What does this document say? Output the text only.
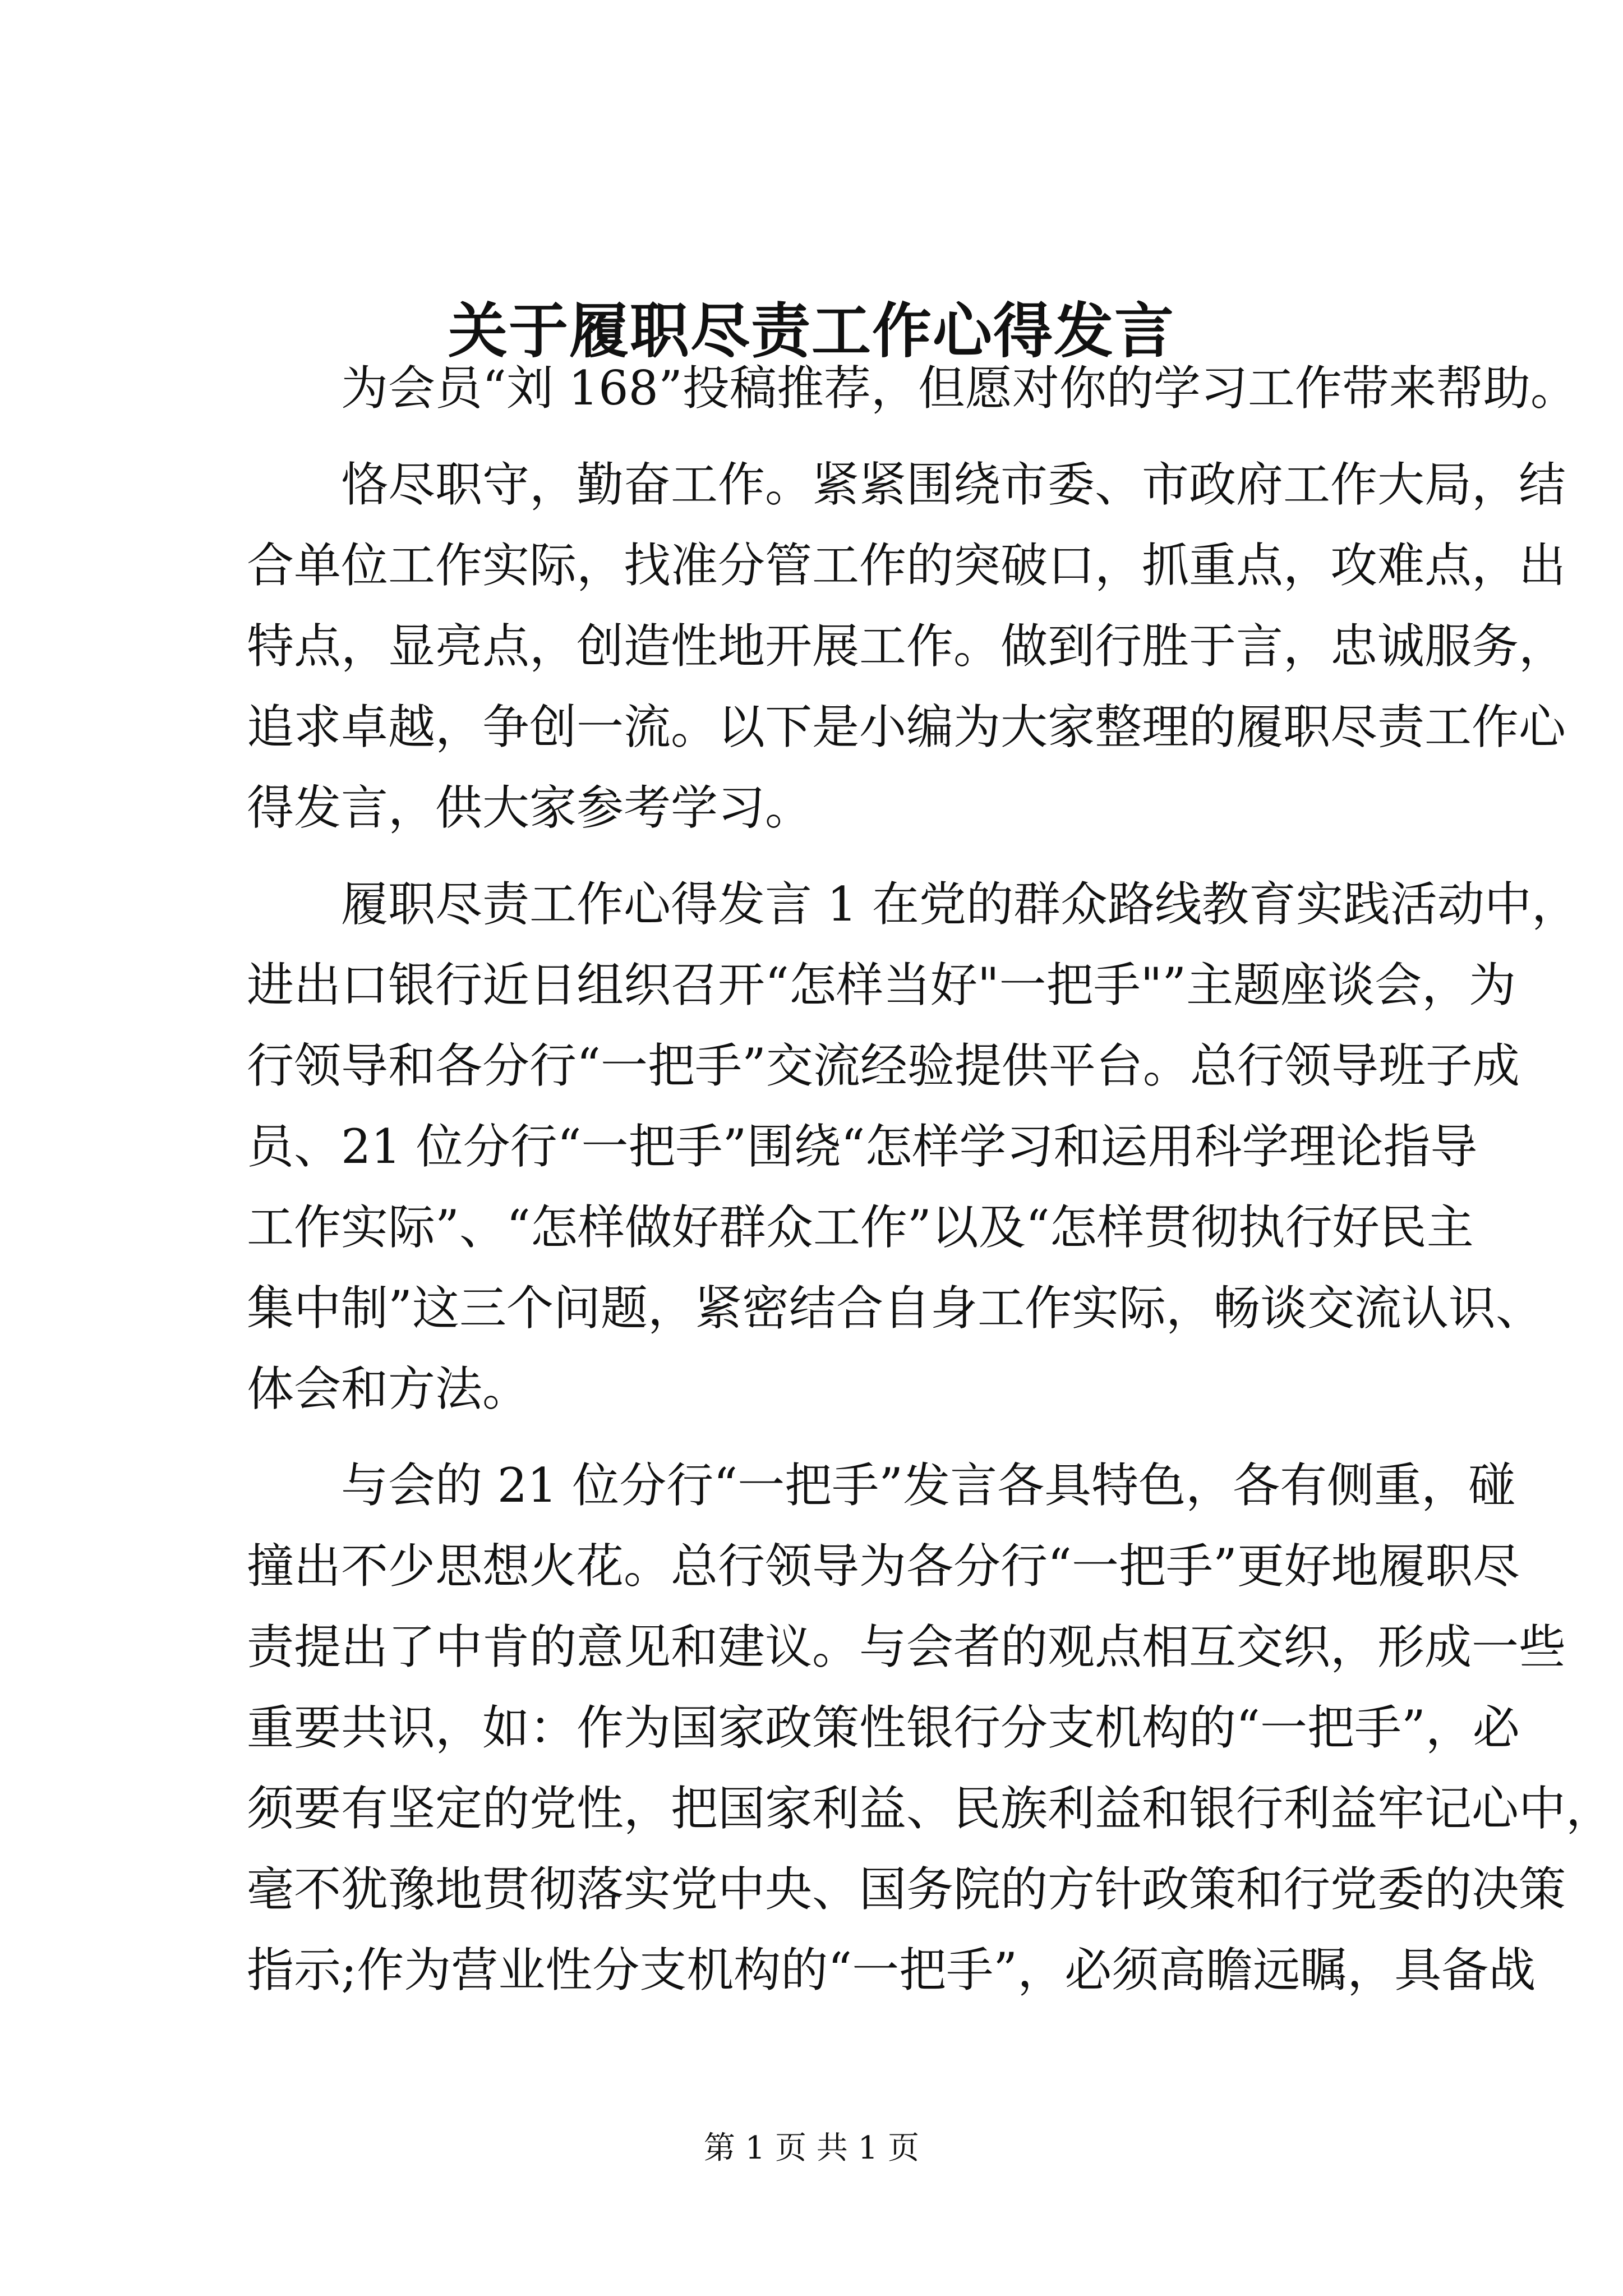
关于履职尽责工作心得发言
为会员“刘 168”投稿推荐，但愿对你的学习工作带来帮助。
恪尽职守，勤奋工作。紧紧围绕市委、市政府工作大局，结
合单位工作实际，找准分管工作的突破口，抓重点，攻难点，出
特点，显亮点，创造性地开展工作。做到行胜于言，忠诚服务，
追求卓越，争创一流。以下是小编为大家整理的履职尽责工作心
得发言，供大家参考学习。
履职尽责工作心得发言 1 在党的群众路线教育实践活动中，
进出口银行近日组织召开“怎样当好"一把手"”主题座谈会，为
行领导和各分行“一把手”交流经验提供平台。总行领导班子成
员、21 位分行“一把手”围绕“怎样学习和运用科学理论指导
工作实际”、“怎样做好群众工作”以及“怎样贯彻执行好民主
集中制”这三个问题，紧密结合自身工作实际，畅谈交流认识、
体会和方法。
与会的 21 位分行“一把手”发言各具特色，各有侧重，碰
撞出不少思想火花。总行领导为各分行“一把手”更好地履职尽
责提出了中肯的意见和建议。与会者的观点相互交织，形成一些
重要共识，如：作为国家政策性银行分支机构的“一把手”，必
须要有坚定的党性，把国家利益、民族利益和银行利益牢记心中，
毫不犹豫地贯彻落实党中央、国务院的方针政策和行党委的决策
指示;作为营业性分支机构的“一把手”，必须高瞻远瞩，具备战
第 1 页 共 1 页
